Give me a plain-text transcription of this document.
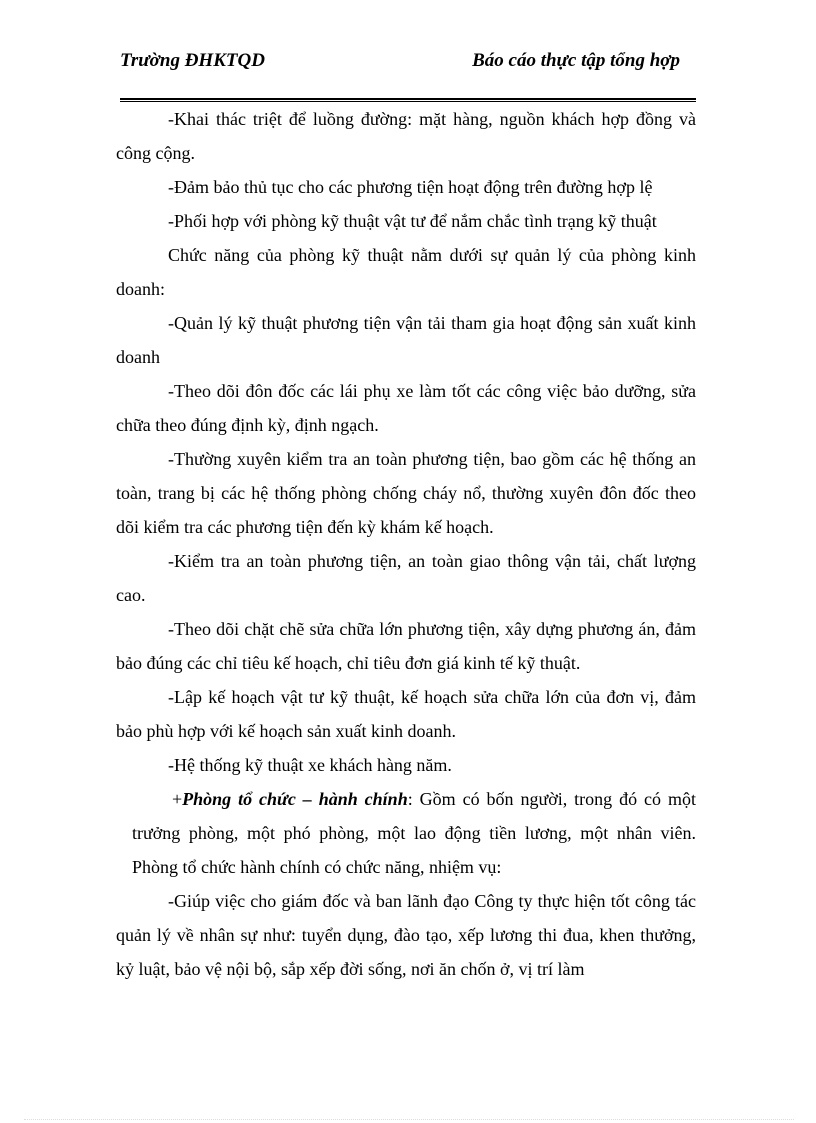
Trường ĐHKTQD	Báo cáo thực tập tổng hợp

-Khai thác triệt để luồng đường: mặt hàng, nguồn khách hợp đồng và công cộng.

-Đảm bảo thủ tục cho các phương tiện hoạt động trên đường hợp lệ

-Phối hợp với phòng kỹ thuật vật tư để nắm chắc tình trạng kỹ thuật

Chức năng của phòng kỹ thuật nằm dưới sự quản lý của phòng kinh doanh:

-Quản lý kỹ thuật phương tiện vận tải tham gia hoạt động sản xuất kinh doanh

-Theo dõi đôn đốc các lái phụ xe làm tốt các công việc bảo dưỡng, sửa chữa theo đúng định kỳ, định ngạch.

-Thường xuyên kiểm tra an toàn phương tiện, bao gồm các hệ thống an toàn, trang bị các hệ thống phòng chống cháy nổ, thường xuyên đôn đốc theo dõi kiểm tra các phương tiện đến kỳ khám kế hoạch.

-Kiểm tra an toàn phương tiện, an toàn giao thông vận tải, chất lượng cao.

-Theo dõi chặt chẽ sửa chữa lớn phương tiện, xây dựng phương án, đảm bảo đúng các chỉ tiêu kế hoạch, chỉ tiêu đơn giá kinh tế kỹ thuật.

-Lập kế hoạch vật tư kỹ thuật, kế hoạch sửa chữa lớn của đơn vị, đảm bảo phù hợp với kế hoạch sản xuất kinh doanh.

-Hệ thống kỹ thuật xe khách hàng năm.

+Phòng tổ chức – hành chính: Gồm có bốn người, trong đó có một trưởng phòng, một phó phòng, một lao động tiền lương, một nhân viên. Phòng tổ chức hành chính có chức năng, nhiệm vụ:

-Giúp việc cho giám đốc và ban lãnh đạo Công ty thực hiện tốt công tác quản lý về nhân sự như: tuyển dụng, đào tạo, xếp lương thi đua, khen thưởng, kỷ luật, bảo vệ nội bộ, sắp xếp đời sống, nơi ăn chốn ở, vị trí làm
